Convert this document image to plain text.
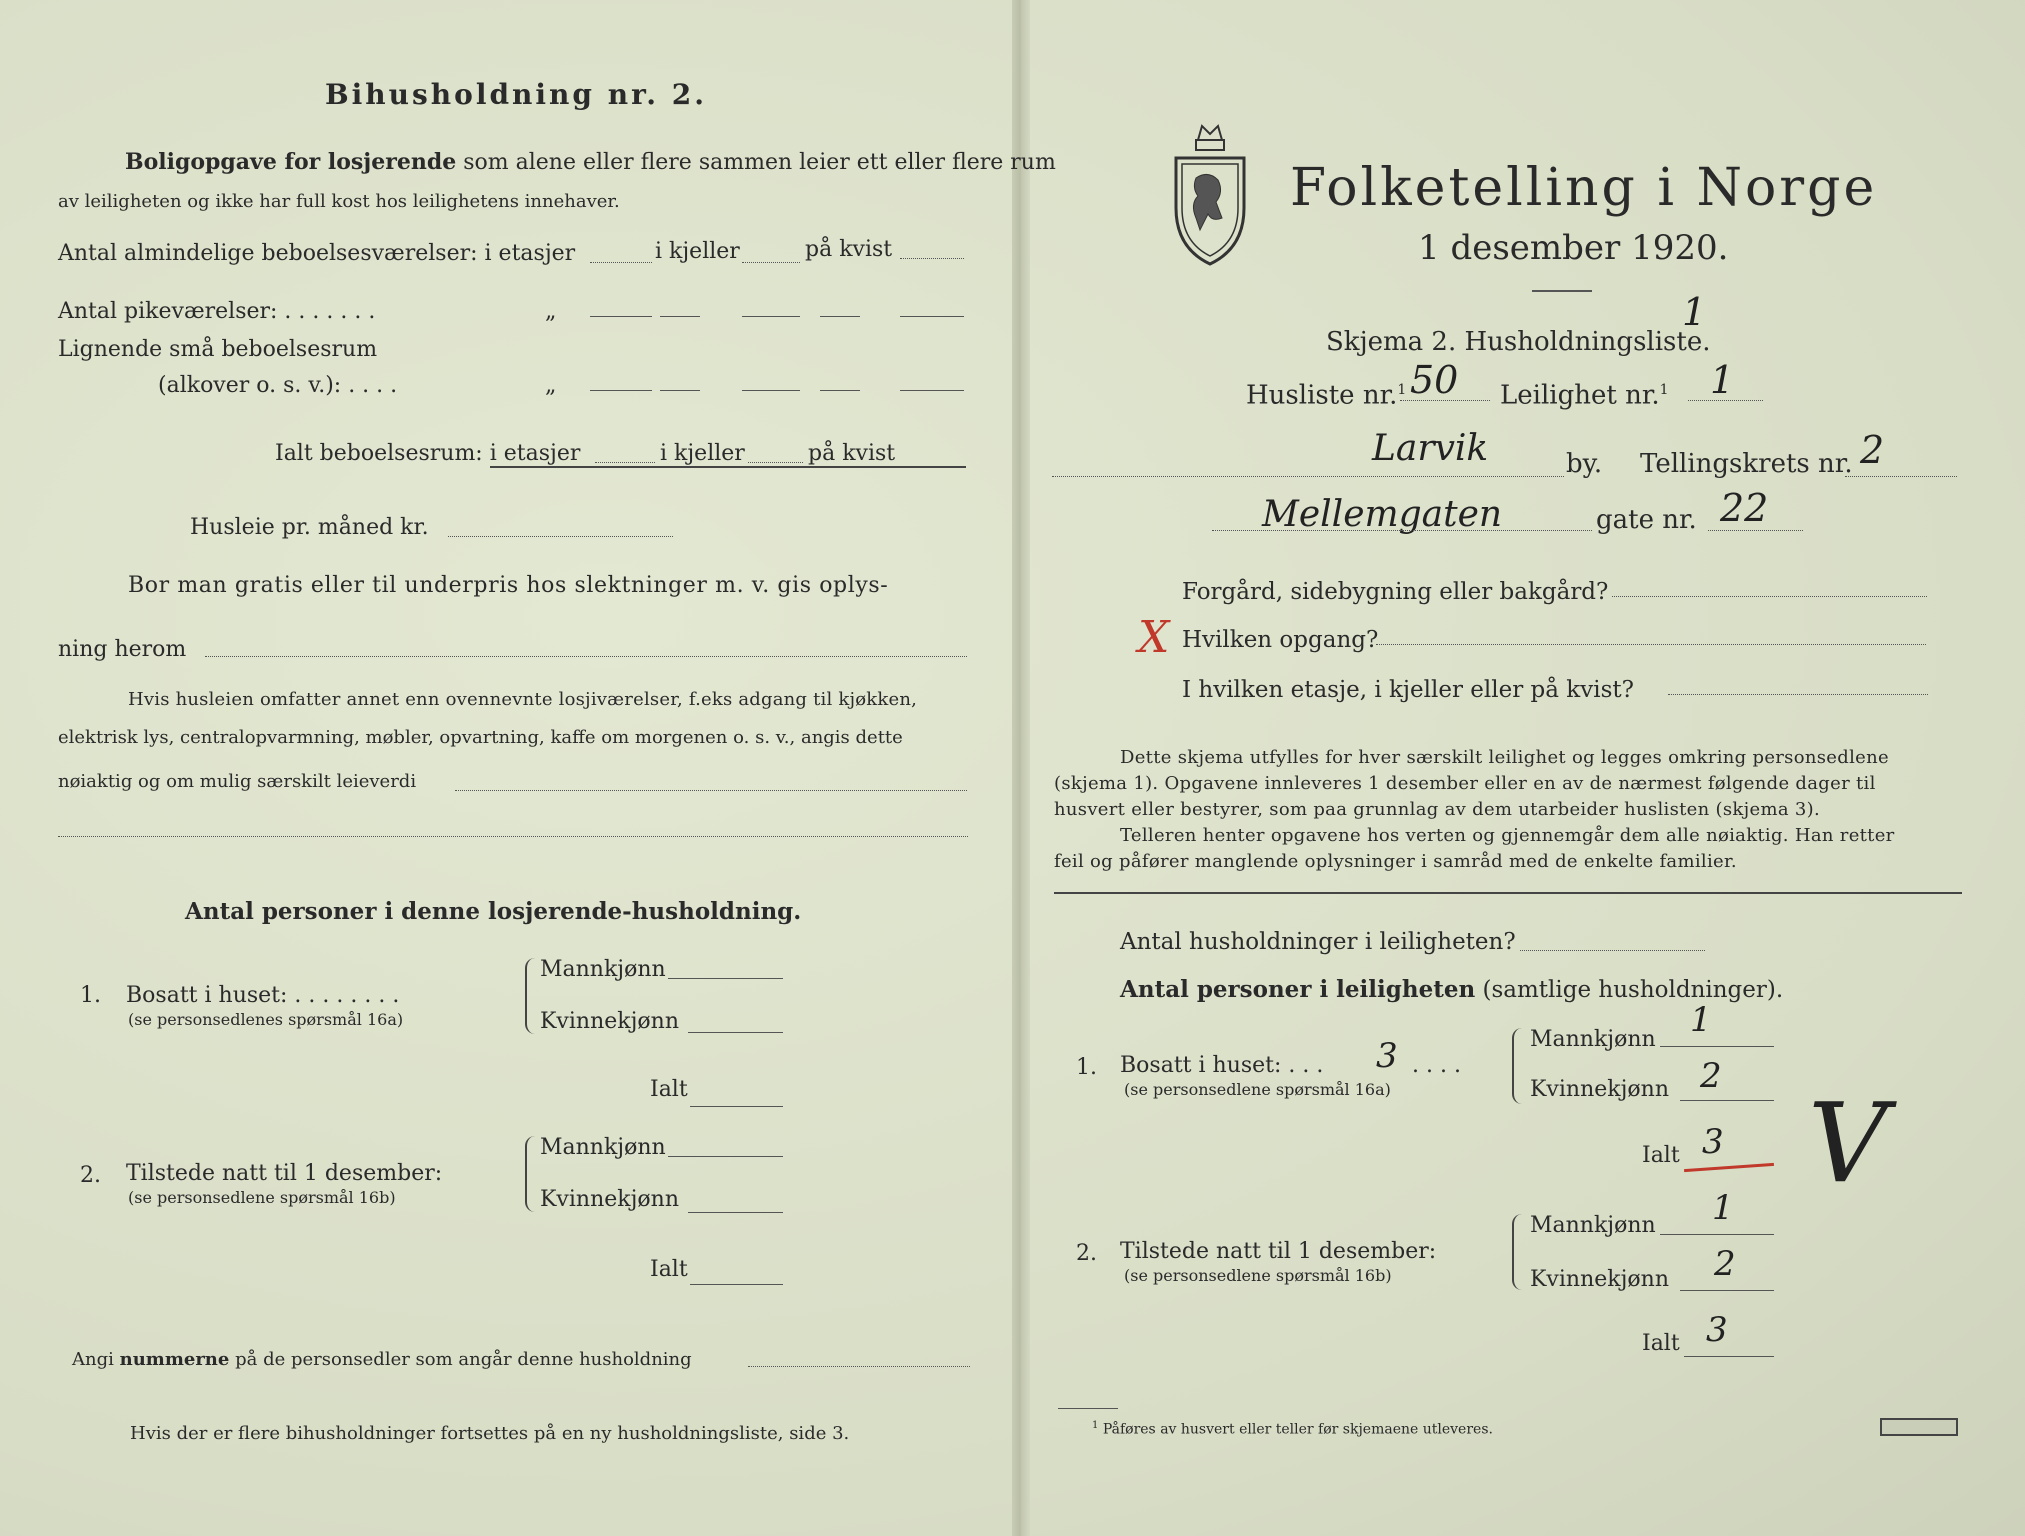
Bihusholdning nr. 2.
Boligopgave for losjerende som alene eller flere sammen leier ett eller flere rum
av leiligheten og ikke har full kost hos leilighetens innehaver.
Antal almindelige beboelsesværelser: i etasjer	i kjeller	på kvist
Antal pikeværelser: . . . . . . .	„
Lignende små beboelsesrum
(alkover o. s. v.): . . . .	„
Ialt beboelsesrum: i etasjer	i kjeller	på kvist
Husleie pr. måned kr.
Bor man gratis eller til underpris hos slektninger m. v. gis oplys-
ning herom
Hvis husleien omfatter annet enn ovennevnte losjiværelser, f.eks adgang til kjøkken,
elektrisk lys, centralopvarmning, møbler, opvartning, kaffe om morgenen o. s. v., angis dette
nøiaktig og om mulig særskilt leieverdi
Antal personer i denne losjerende-husholdning.
1. Bosatt i huset: . . . . . . . .
(se personsedlenes spørsmål 16a)
Mannkjønn
Kvinnekjønn
Ialt
2. Tilstede natt til 1 desember:
(se personsedlene spørsmål 16b)
Mannkjønn
Kvinnekjønn
Ialt
Angi nummerne på de personsedler som angår denne husholdning
Hvis der er flere bihusholdninger fortsettes på en ny husholdningsliste, side 3.
Folketelling i Norge
1 desember 1920.
Skjema 2. Husholdningsliste.
1
Husliste nr.$^1$ 50 Leilighet nr.$^1$ 1
Larvik	by. Tellingskrets nr. 2
Mellemgaten	gate nr. 22
Forgård, sidebygning eller bakgård?
X Hvilken opgang?
I hvilken etasje, i kjeller eller på kvist?
Dette skjema utfylles for hver særskilt leilighet og legges omkring personsedlene
(skjema 1). Opgavene innleveres 1 desember eller en av de nærmest følgende dager til
husvert eller bestyrer, som paa grunnlag av dem utarbeider huslisten (skjema 3).
Telleren henter opgavene hos verten og gjennemgår dem alle nøiaktig. Han retter
feil og påfører manglende oplysninger i samråd med de enkelte familier.
Antal husholdninger i leiligheten?
Antal personer i leiligheten (samtlige husholdninger).
1. Bosatt i huset: . . . 3 . . . .
(se personsedlene spørsmål 16a)
Mannkjønn 1
Kvinnekjønn 2
Ialt 3 V
2. Tilstede natt til 1 desember:
(se personsedlene spørsmål 16b)
Mannkjønn 1
Kvinnekjønn 2
Ialt 3
$^1$ Påføres av husvert eller teller før skjemaene utleveres.
